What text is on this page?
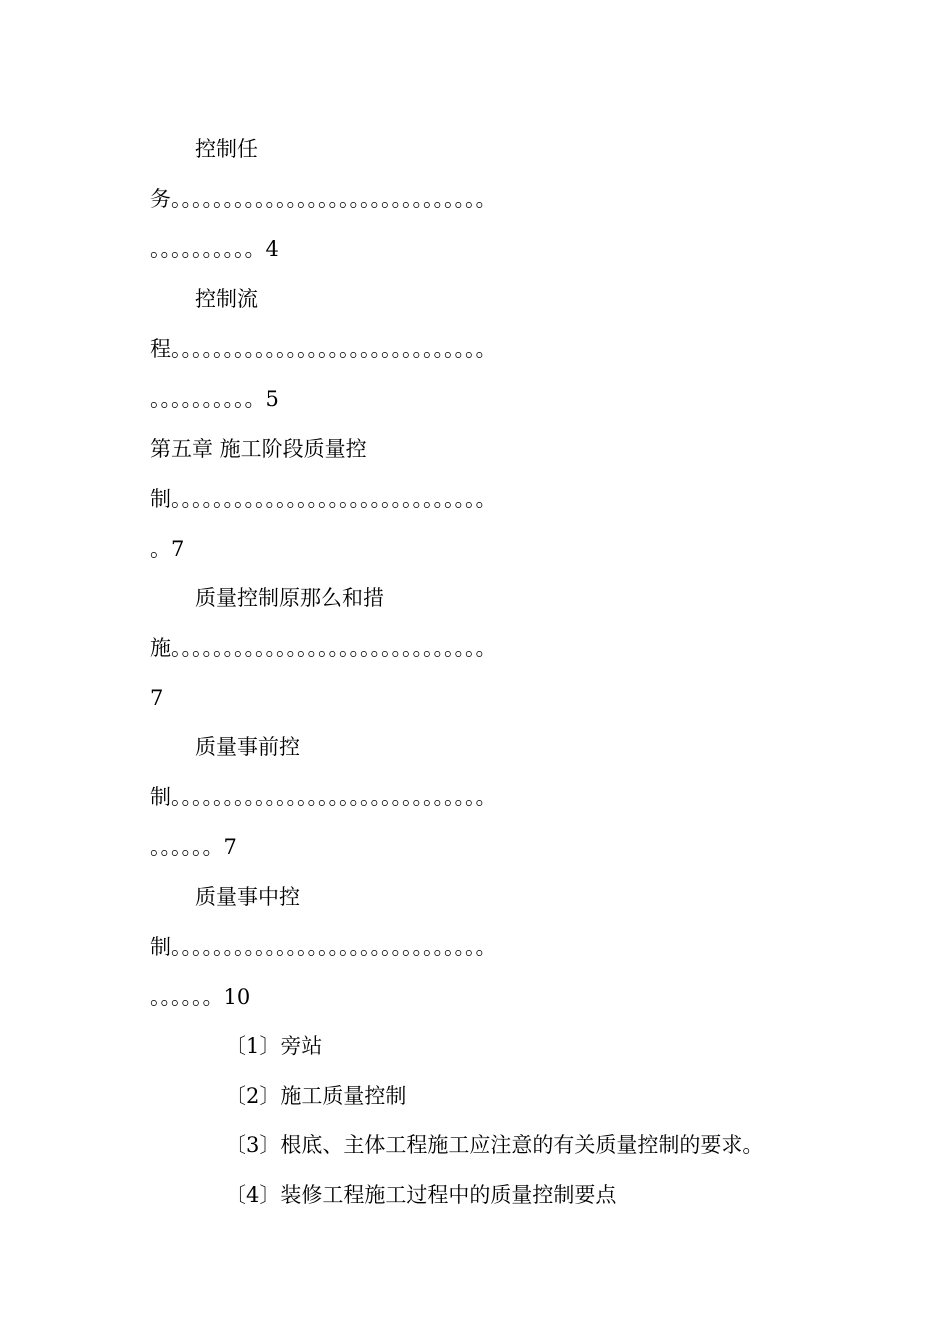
控制任
务。。。。。。。。。。。。。。。。。。。。。。。。。。。。。。
。。。。。。。。。。4
控制流
程。。。。。。。。。。。。。。。。。。。。。。。。。。。。。。
。。。。。。。。。。5
第五章 施工阶段质量控
制。。。。。。。。。。。。。。。。。。。。。。。。。。。。。。
。7
质量控制原那么和措
施。。。。。。。。。。。。。。。。。。。。。。。。。。。。。。
7
质量事前控
制。。。。。。。。。。。。。。。。。。。。。。。。。。。。。。
。。。。。。7
质量事中控
制。。。。。。。。。。。。。。。。。。。。。。。。。。。。。。
。。。。。。10
〔1〕旁站
〔2〕施工质量控制
〔3〕根底、主体工程施工应注意的有关质量控制的要求。
〔4〕装修工程施工过程中的质量控制要点
